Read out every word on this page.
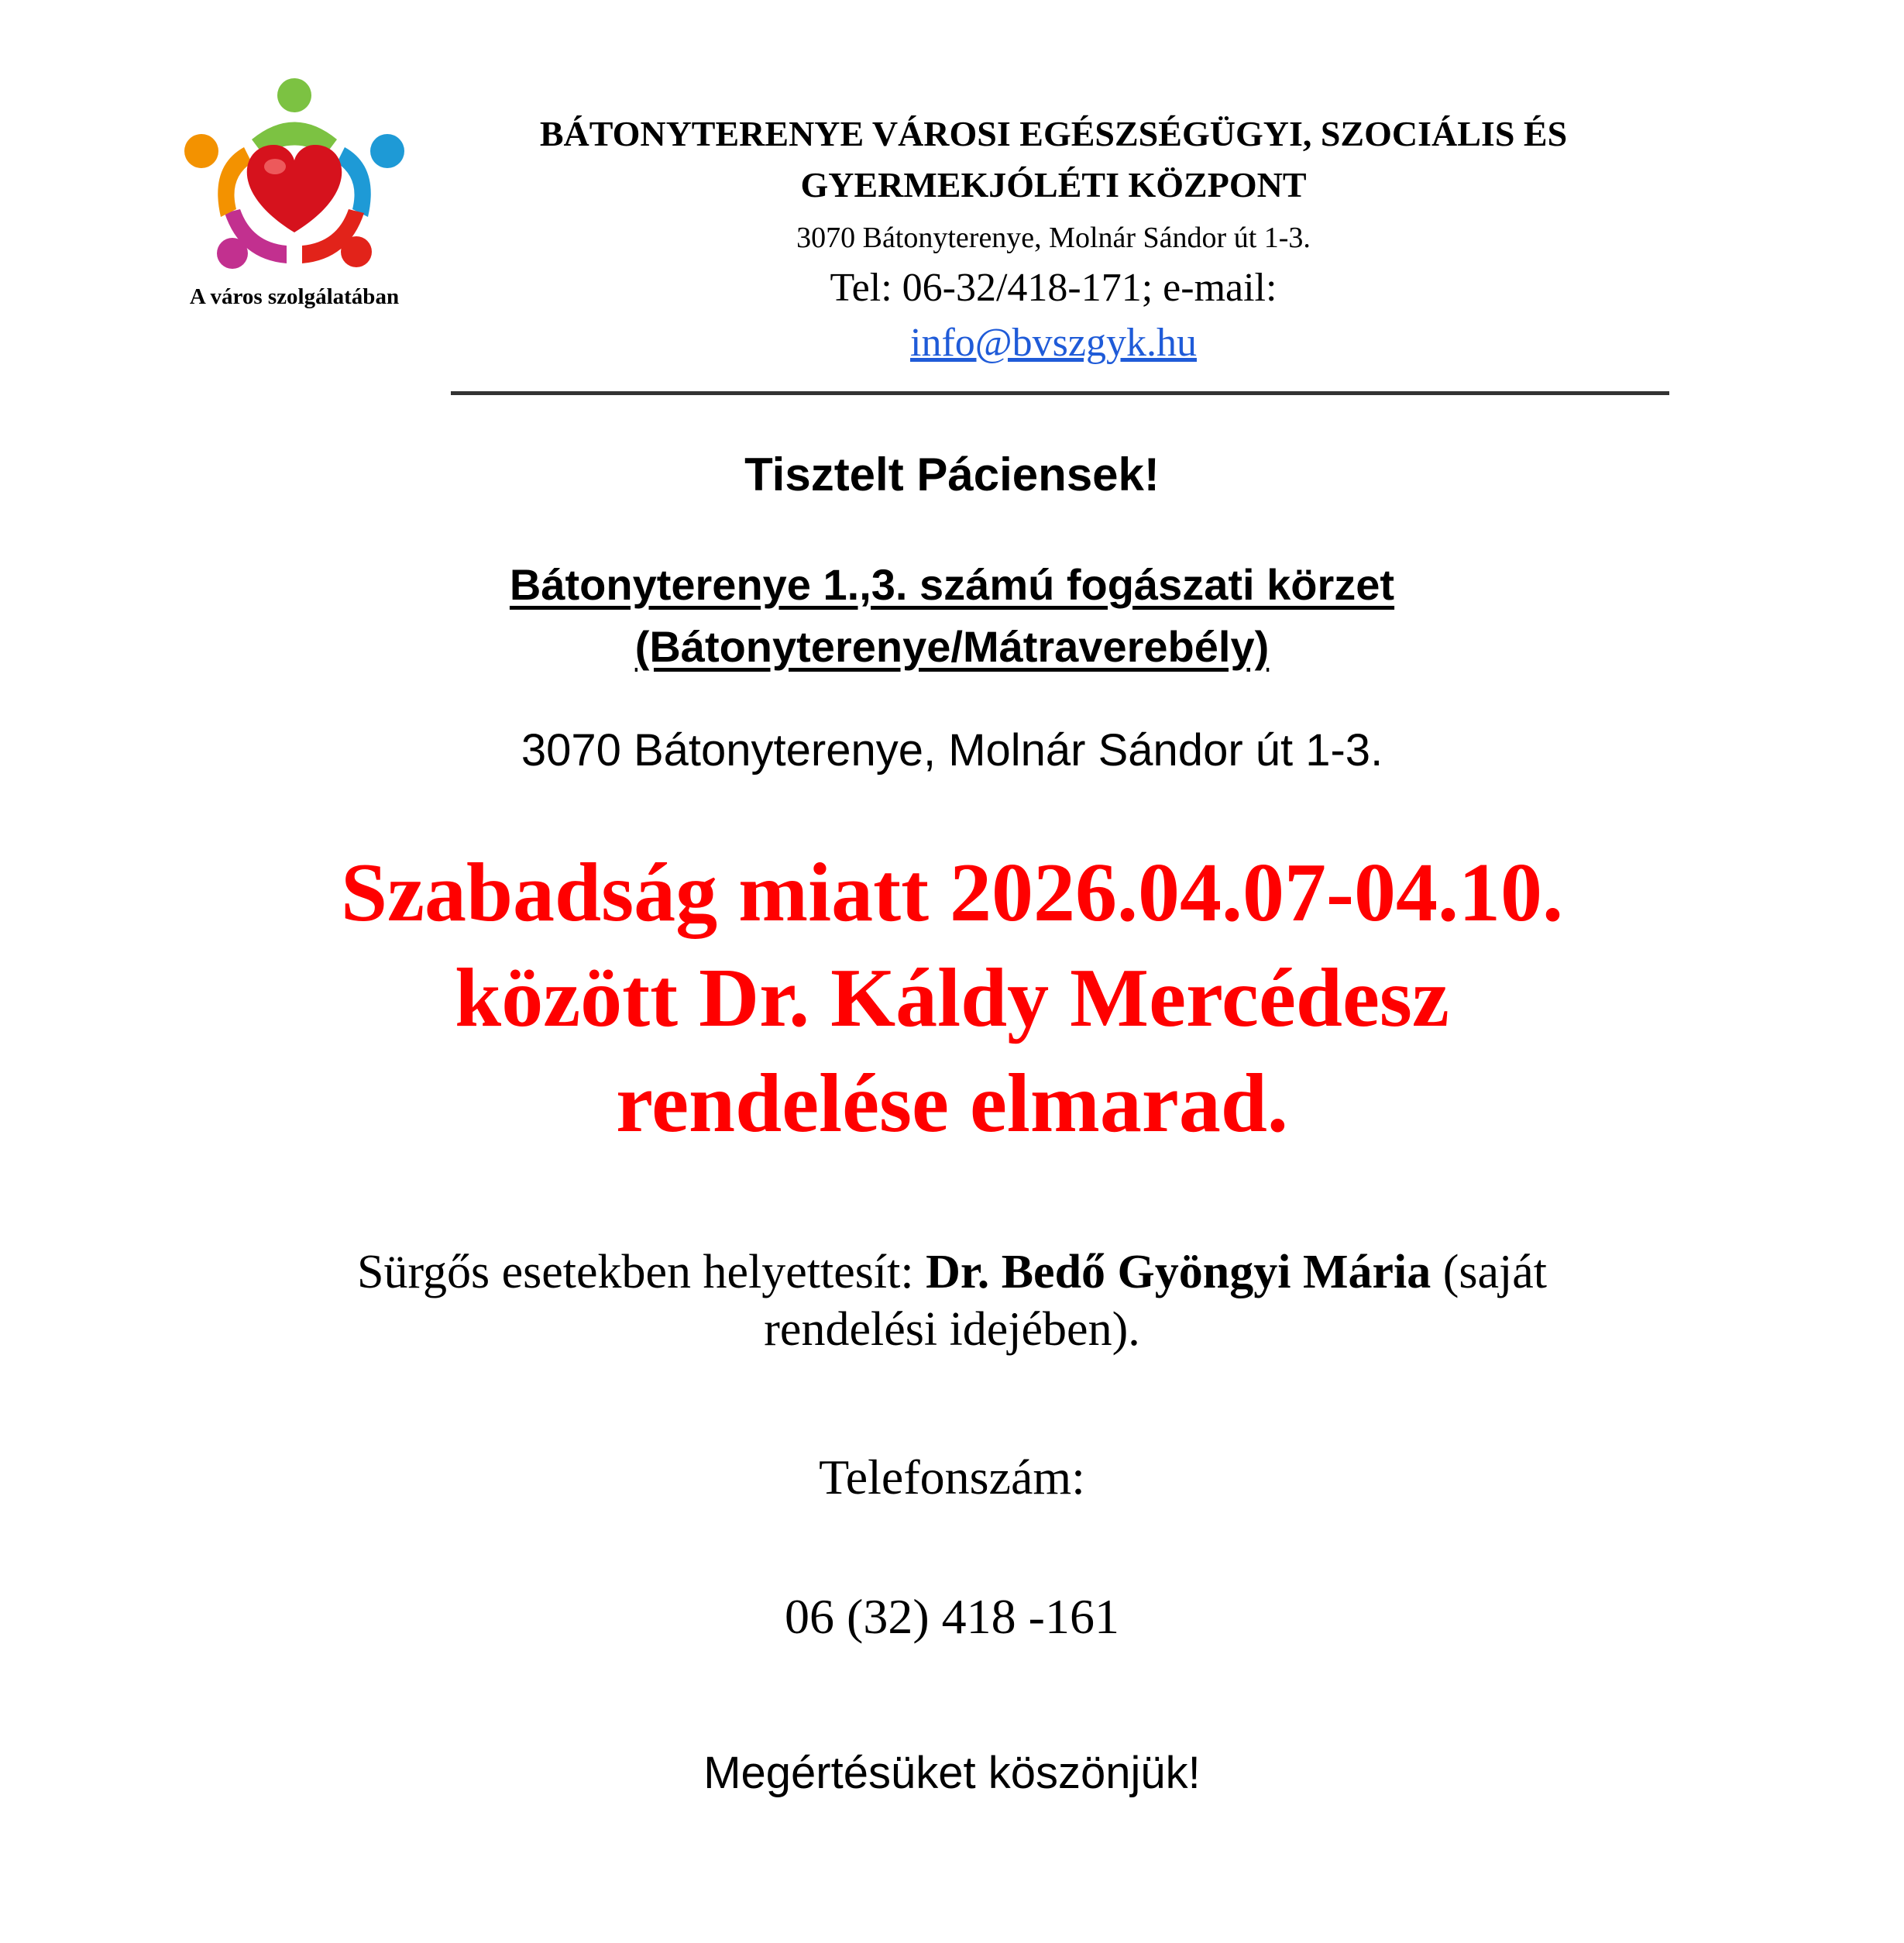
A város szolgálatában
BÁTONYTERENYE VÁROSI EGÉSZSÉGÜGYI, SZOCIÁLIS ÉS
GYERMEKJÓLÉTI KÖZPONT
3070 Bátonyterenye, Molnár Sándor út 1-3.
Tel: 06-32/418-171; e-mail:
info@bvszgyk.hu
Tisztelt Páciensek!
Bátonyterenye 1.,3. számú fogászati körzet
(Bátonyterenye/Mátraverebély)
3070 Bátonyterenye, Molnár Sándor út 1-3.
Szabadság miatt 2026.04.07-04.10.
között Dr. Káldy Mercédesz
rendelése elmarad.
Sürgős esetekben helyettesít: Dr. Bedő Gyöngyi Mária (saját
rendelési idejében).
Telefonszám:
06 (32) 418 -161
Megértésüket köszönjük!
